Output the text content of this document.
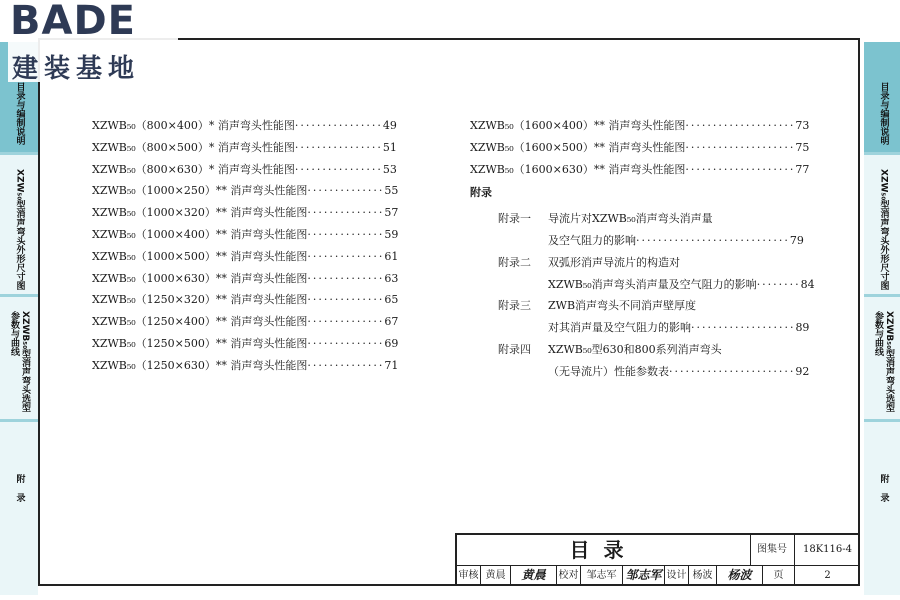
目录与编制说明
XZW₅₀型消声弯头外形尺寸图
XZWB₅₀型消声弯头选型参数与曲线
附录
目录与编制说明
XZW₅₀型消声弯头外形尺寸图
XZWB₅₀型消声弯头选型参数与曲线
附录
BADE
建装基地
XZWB₅₀（800×400）* 消声弯头性能图················49
XZWB₅₀（800×500）* 消声弯头性能图················51
XZWB₅₀（800×630）* 消声弯头性能图················53
XZWB₅₀（1000×250）** 消声弯头性能图··············55
XZWB₅₀（1000×320）** 消声弯头性能图··············57
XZWB₅₀（1000×400）** 消声弯头性能图··············59
XZWB₅₀（1000×500）** 消声弯头性能图··············61
XZWB₅₀（1000×630）** 消声弯头性能图··············63
XZWB₅₀（1250×320）** 消声弯头性能图··············65
XZWB₅₀（1250×400）** 消声弯头性能图··············67
XZWB₅₀（1250×500）** 消声弯头性能图··············69
XZWB₅₀（1250×630）** 消声弯头性能图··············71
XZWB₅₀（1600×400）** 消声弯头性能图····················73
XZWB₅₀（1600×500）** 消声弯头性能图····················75
XZWB₅₀（1600×630）** 消声弯头性能图····················77
附录
附录一 导流片对XZWB₅₀消声弯头消声量
及空气阻力的影响····························79
附录二 双弧形消声导流片的构造对
XZWB₅₀消声弯头消声量及空气阻力的影响········84
附录三 ZWB消声弯头不同消声壁厚度
对其消声量及空气阻力的影响···················89
附录四 XZWB₅₀型630和800系列消声弯头
（无导流片）性能参数表·······················92
目录	图集号	18K116-4
审核 黄晨	黄晨	校对 邹志军 邹志军 设计 杨波	杨波	页	2
